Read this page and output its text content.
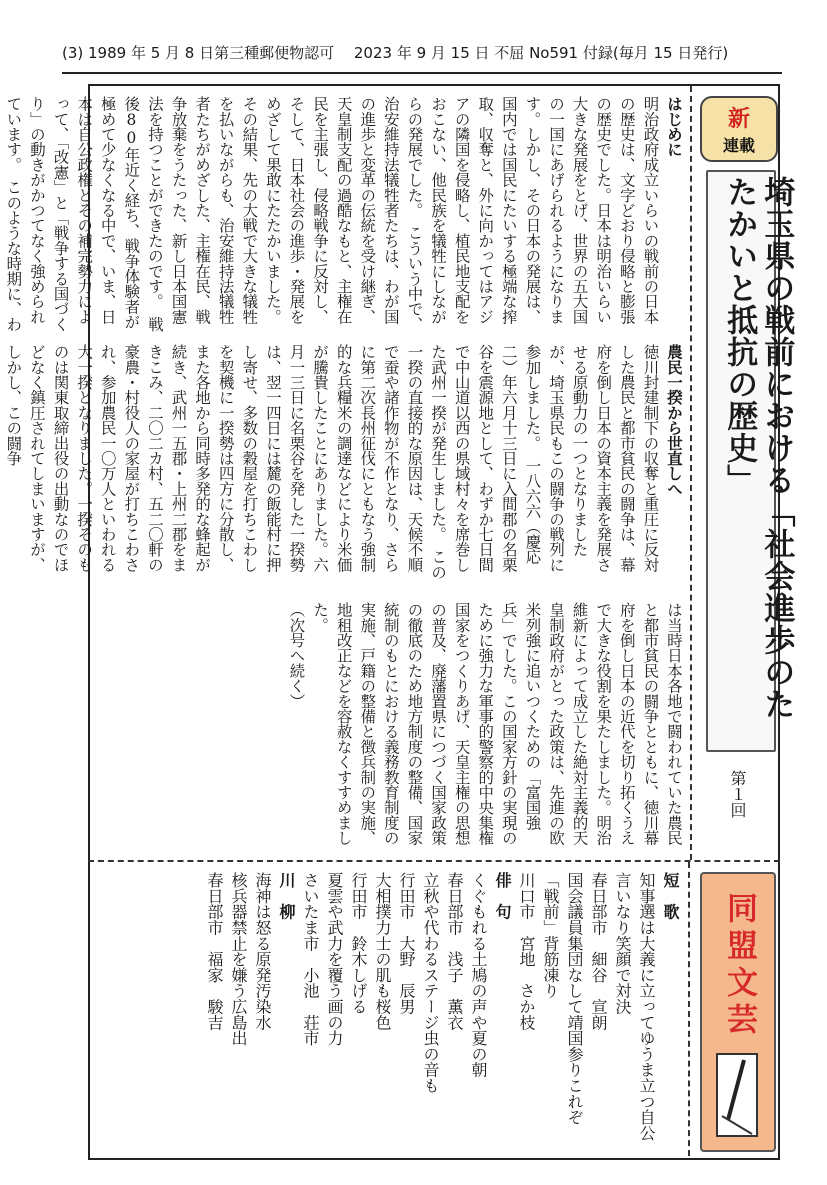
(3) 1989 年 5 月 8 日第三種郵便物認可　 2023 年 9 月 15 日 不屈 No591 付録(毎月 15 日発行)
新
連載
埼玉県の戦前における「社会進歩のたたかいと抵抗の歴史」
第１回
はじめに
明治政府成立いらいの戦前の日本の歴史は、文字どおり侵略と膨張の歴史でした。日本は明治いらい大きな発展をとげ、世界の五大国の一国にあげられるようになります。しかし、その日本の発展は、国内では国民にたいする極端な搾取、収奪と、外に向かってはアジアの隣国を侵略し、植民地支配をおこない、他民族を犠牲にしながらの発展でした。　こういう中で、治安維持法犠牲者たちは、わが国の進歩と変革の伝統を受け継ぎ、天皇制支配の過酷なもと、主権在民を主張し、侵略戦争に反対し、そして、日本社会の進歩・発展をめざして果敢にたたかいました。その結果、先の大戦で大きな犠牲を払いながらも、治安維持法犠牲者たちがめざした、主権在民、戦争放棄をうたった、新し日本国憲法を持つことができたのです。　戦後80年近く経ち、戦争体験者が極めて少なくなる中で、いま、日本は自公政権とその補完勢力によって、「改憲」と「戦争する国づくり」の動きがかつてなく強められています。　このような時期に、わ
農民一揆から世直しへ
徳川封建制下の収奪と重圧に反対した農民と都市貧民の闘争は、幕府を倒し日本の資本主義を発展させる原動力の一つとなりましたが、埼玉県民もこの闘争の戦列に参加しました。　一八六六（慶応二）年六月十三日に入間郡の名栗谷を震源地として、わずか七日間で中山道以西の県域村々を席巻した武州一揆が発生しました。　この一揆の直接的な原因は、天候不順で蚕や諸作物が不作となり、さらに第二次長州征伐にともなう強制的な兵糧米の調達などにより米価が騰貴したことにありました。六月一三日に名栗谷を発した一揆勢は、翌一四日には麓の飯能村に押し寄せ、多数の穀屋を打ちこわしを契機に一揆勢は四方に分散し、また各地から同時多発的な蜂起が続き、武州一五郡・上州二郡をまきこみ、二〇二カ村、五二〇軒の豪農・村役人の家屋が打ちこわされ、参加農民一〇万人といわれる大一揆となりました。一揆そのものは関東取締出役の出動なのでほどなく鎮圧されてしまいますが、しかし、この闘争
は当時日本各地で闘われていた農民と都市貧民の闘争とともに、徳川幕府を倒し日本の近代を切り拓くうえで大きな役割を果たしました。明治維新によって成立した絶対主義的天皇制政府がとった政策は、先進の欧米列強に追いつくための「富国強兵」でした。この国家方針の実現のために強力な軍事的警察的中央集権国家をつくりあげ、天皇主権の思想の普及、廃藩置県につづく国家政策の徹底のため地方制度の整備、国家統制のもとにおける義務教育制度の実施、戸籍の整備と徴兵制の実施、地租改正などを容赦なくすすめました。
（次号へ続く）
同盟文芸
短　歌
知事選は大義に立ってゆうま立つ自公言いなり笑顔で対決
春日部市　細谷　宣朗
国会議員集団なして靖国参りこれぞ「戦前」背筋凍り
川口市　宮地　さか枝
俳　句
くぐもれる土鳩の声や夏の朝
春日部市　浅子　薫衣
立秋や代わるステージ虫の音も
行田市　大野　辰男
大相撲力士の肌も桜色
行田市　鈴木しげる
夏雲や武力を覆う画の力
さいたま市　小池　荘市
川　柳
海神は怒る原発汚染水
核兵器禁止を嫌う広島出
春日部市　福家　駿吉
